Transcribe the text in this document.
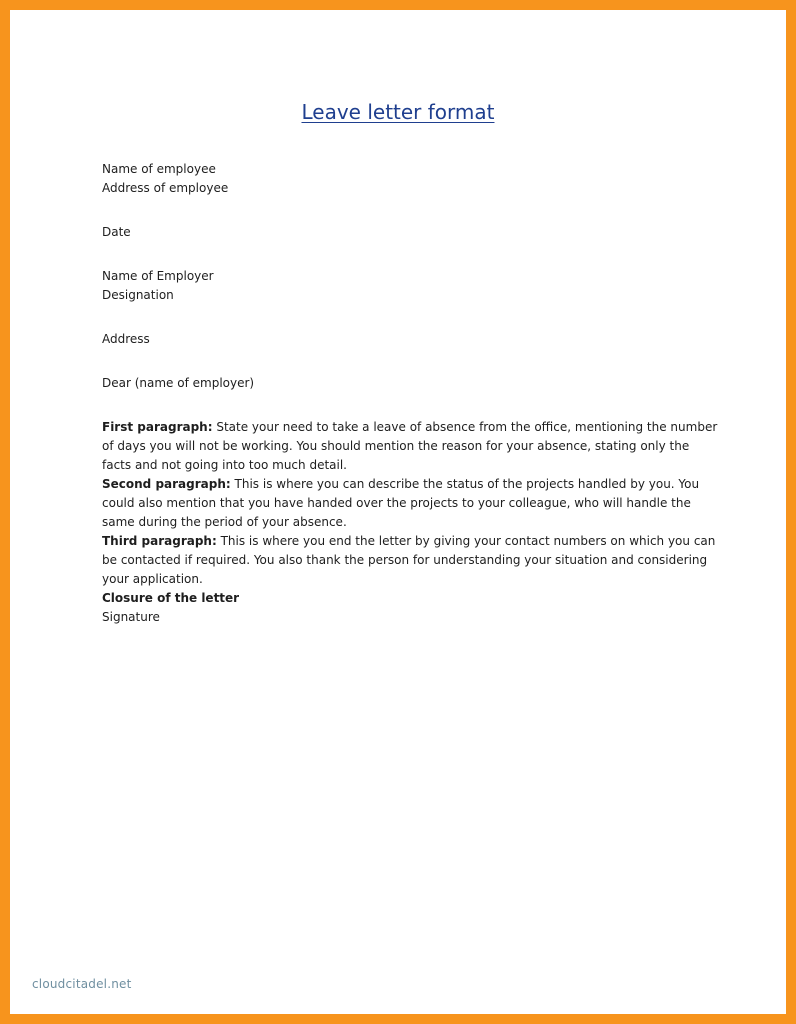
Leave letter format
Name of employee
Address of employee
Date
Name of Employer
Designation
Address
Dear (name of employer)
First paragraph: State your need to take a leave of absence from the office, mentioning the number
of days you will not be working. You should mention the reason for your absence, stating only the
facts and not going into too much detail.
Second paragraph: This is where you can describe the status of the projects handled by you. You
could also mention that you have handed over the projects to your colleague, who will handle the
same during the period of your absence.
Third paragraph: This is where you end the letter by giving your contact numbers on which you can
be contacted if required. You also thank the person for understanding your situation and considering
your application.
Closure of the letter
Signature
cloudcitadel.net
